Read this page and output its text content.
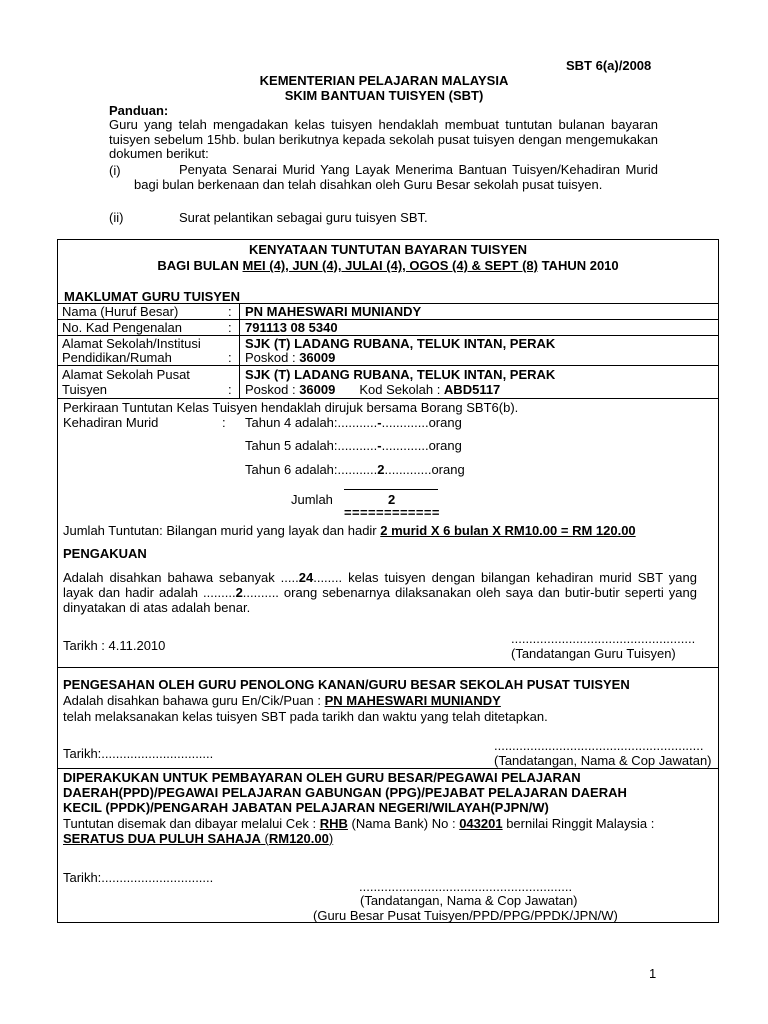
SBT 6(a)/2008
KEMENTERIAN PELAJARAN MALAYSIA
SKIM BANTUAN TUISYEN (SBT)
Panduan:

Guru yang telah mengadakan kelas tuisyen hendaklah membuat tuntutan bulanan bayaran tuisyen sebelum 15hb. bulan berikutnya kepada sekolah pusat tuisyen dengan mengemukakan dokumen berikut:

(i)	Penyata Senarai Murid Yang Layak Menerima Bantuan Tuisyen/Kehadiran Murid bagi bulan berkenaan dan telah disahkan oleh Guru Besar sekolah pusat tuisyen.

(ii)	Surat pelantikan sebagai guru tuisyen SBT.
KENYATAAN TUNTUTAN BAYARAN TUISYEN
BAGI BULAN MEI (4), JUN (4), JULAI (4), OGOS (4) & SEPT (8) TAHUN 2010
MAKLUMAT GURU TUISYEN
Nama (Huruf Besar)	: PN MAHESWARI MUNIANDY
No. Kad Pengenalan	: 791113 08 5340
Alamat Sekolah/Institusi
Pendidikan/Rumah	:
SJK (T) LADANG RUBANA, TELUK INTAN, PERAK
Poskod : 36009
Alamat Sekolah Pusat
Tuisyen	:
SJK (T) LADANG RUBANA, TELUK INTAN, PERAK
Poskod : 36009 Kod Sekolah : ABD5117
Perkiraan Tuntutan Kelas Tuisyen hendaklah dirujuk bersama Borang SBT6(b).
Kehadiran Murid	: Tahun 4 adalah:...........-.............orang
Tahun 5 adalah:...........-.............orang
Tahun 6 adalah:...........2.............orang
Jumlah	2
============
Jumlah Tuntutan: Bilangan murid yang layak dan hadir 2 murid X 6 bulan X RM10.00 = RM 120.00
PENGAKUAN

Adalah disahkan bahawa sebanyak .....24........ kelas tuisyen dengan bilangan kehadiran murid SBT yang layak dan hadir adalah .........2.......... orang sebenarnya dilaksanakan oleh saya dan butir-butir seperti yang dinyatakan di atas adalah benar.

Tarikh : 4.11.2010	...................................................
(Tandatangan Guru Tuisyen)
PENGESAHAN OLEH GURU PENOLONG KANAN/GURU BESAR SEKOLAH PUSAT TUISYEN
Adalah disahkan bahawa guru En/Cik/Puan : PN MAHESWARI MUNIANDY
telah melaksanakan kelas tuisyen SBT pada tarikh dan waktu yang telah ditetapkan.
Tarikh:...............................
..........................................................
(Tandatangan, Nama & Cop Jawatan)
DIPERAKUKAN UNTUK PEMBAYARAN OLEH GURU BESAR/PEGAWAI PELAJARAN
DAERAH(PPD)/PEGAWAI PELAJARAN GABUNGAN (PPG)/PEJABAT PELAJARAN DAERAH
KECIL (PPDK)/PENGARAH JABATAN PELAJARAN NEGERI/WILAYAH(PJPN/W)
Tuntutan disemak dan dibayar melalui Cek : RHB (Nama Bank) No : 043201 bernilai Ringgit Malaysia :
SERATUS DUA PULUH SAHAJA (RM120.00)
Tarikh:...............................
...........................................................
(Tandatangan, Nama & Cop Jawatan)
(Guru Besar Pusat Tuisyen/PPD/PPG/PPDK/JPN/W)
1
